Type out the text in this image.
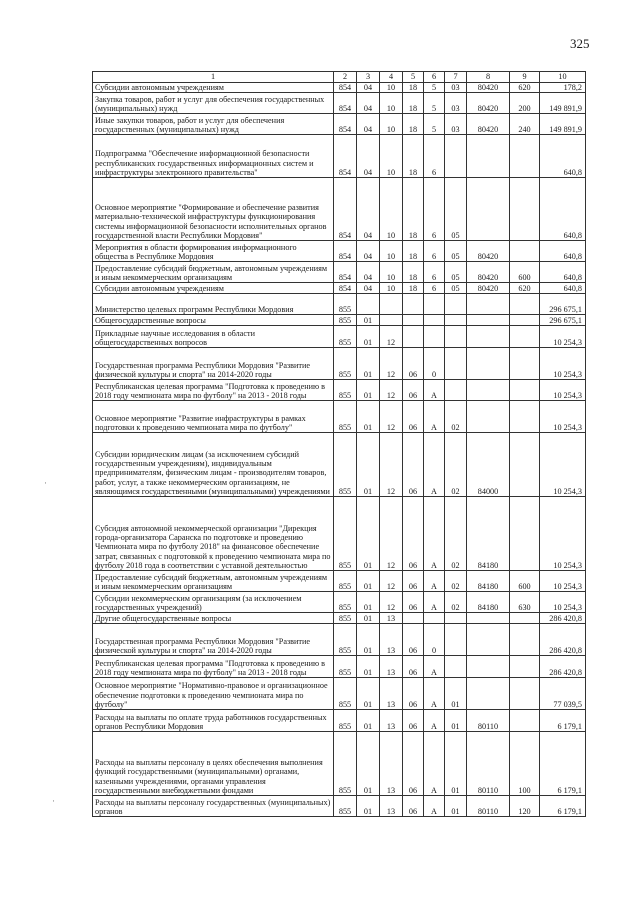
325
·
·
1	2	3	4	5	6	7	8	9	10
Субсидии автономным учреждениям	854	04	10	18	5	03	80420	620	178,2
Закупка товаров, работ и услуг для обеспечения государственных (муниципальных) нужд	854	04	10	18	5	03	80420	200	149 891,9
Иные закупки товаров, работ и услуг для обеспечения государственных (муниципальных) нужд	854	04	10	18	5	03	80420	240	149 891,9
Подпрограмма "Обеспечение информационной безопасности республиканских государственных информационных систем и инфраструктуры электронного правительства"	854	04	10	18	6				640,8
Основное мероприятие "Формирование и обеспечение развития материально-технической инфраструктуры функционирования системы информационной безопасности исполнительных органов государственной власти Республики Мордовия"	854	04	10	18	6	05			640,8
Мероприятия в области формирования информационного общества в Республике Мордовия	854	04	10	18	6	05	80420		640,8
Предоставление субсидий бюджетным, автономным учреждениям и иным некоммерческим организациям	854	04	10	18	6	05	80420	600	640,8
Субсидии автономным учреждениям	854	04	10	18	6	05	80420	620	640,8
Министерство целевых программ Республики Мордовия	855								296 675,1
Общегосударственные вопросы	855	01							296 675,1
Прикладные научные исследования в области общегосударственных вопросов	855	01	12						10 254,3
Государственная программа Республики Мордовия "Развитие физической культуры и спорта" на 2014-2020 годы	855	01	12	06	0				10 254,3
Республиканская целевая программа "Подготовка к проведению в 2018 году чемпионата мира по футболу" на 2013 - 2018 годы	855	01	12	06	А				10 254,3
Основное мероприятие "Развитие инфраструктуры в рамках подготовки к проведению чемпионата мира по футболу"	855	01	12	06	А	02			10 254,3
Субсидии юридическим лицам (за исключением субсидий государственным учреждениям), индивидуальным предпринимателям, физическим лицам - производителям товаров, работ, услуг, а также некоммерческим организациям, не являющимся государственными (муниципальными) учреждениями	855	01	12	06	А	02	84000		10 254,3
Субсидия автономной некоммерческой организации "Дирекция города-организатора Саранска по подготовке и проведению Чемпионата мира по футболу 2018" на финансовое обеспечение затрат, связанных с подготовкой к проведению чемпионата мира по футболу 2018 года в соответствии с уставной деятельностью	855	01	12	06	А	02	84180		10 254,3
Предоставление субсидий бюджетным, автономным учреждениям и иным некоммерческим организациям	855	01	12	06	А	02	84180	600	10 254,3
Субсидии некоммерческим организациям (за исключением государственных учреждений)	855	01	12	06	А	02	84180	630	10 254,3
Другие общегосударственные вопросы	855	01	13						286 420,8
Государственная программа Республики Мордовия "Развитие физической культуры и спорта" на 2014-2020 годы	855	01	13	06	0				286 420,8
Республиканская целевая программа "Подготовка к проведению в 2018 году чемпионата мира по футболу" на 2013 - 2018 годы	855	01	13	06	А				286 420,8
Основное мероприятие "Нормативно-правовое и организационное обеспечение подготовки к проведению чемпионата мира по футболу"	855	01	13	06	А	01			77 039,5
Расходы на выплаты по оплате труда работников государственных органов Республики Мордовия	855	01	13	06	А	01	80110		6 179,1
Расходы на выплаты персоналу в целях обеспечения выполнения функций государственными (муниципальными) органами, казенными учреждениями, органами управления государственными внебюджетными фондами	855	01	13	06	А	01	80110	100	6 179,1
Расходы на выплаты персоналу государственных (муниципальных) органов	855	01	13	06	А	01	80110	120	6 179,1
